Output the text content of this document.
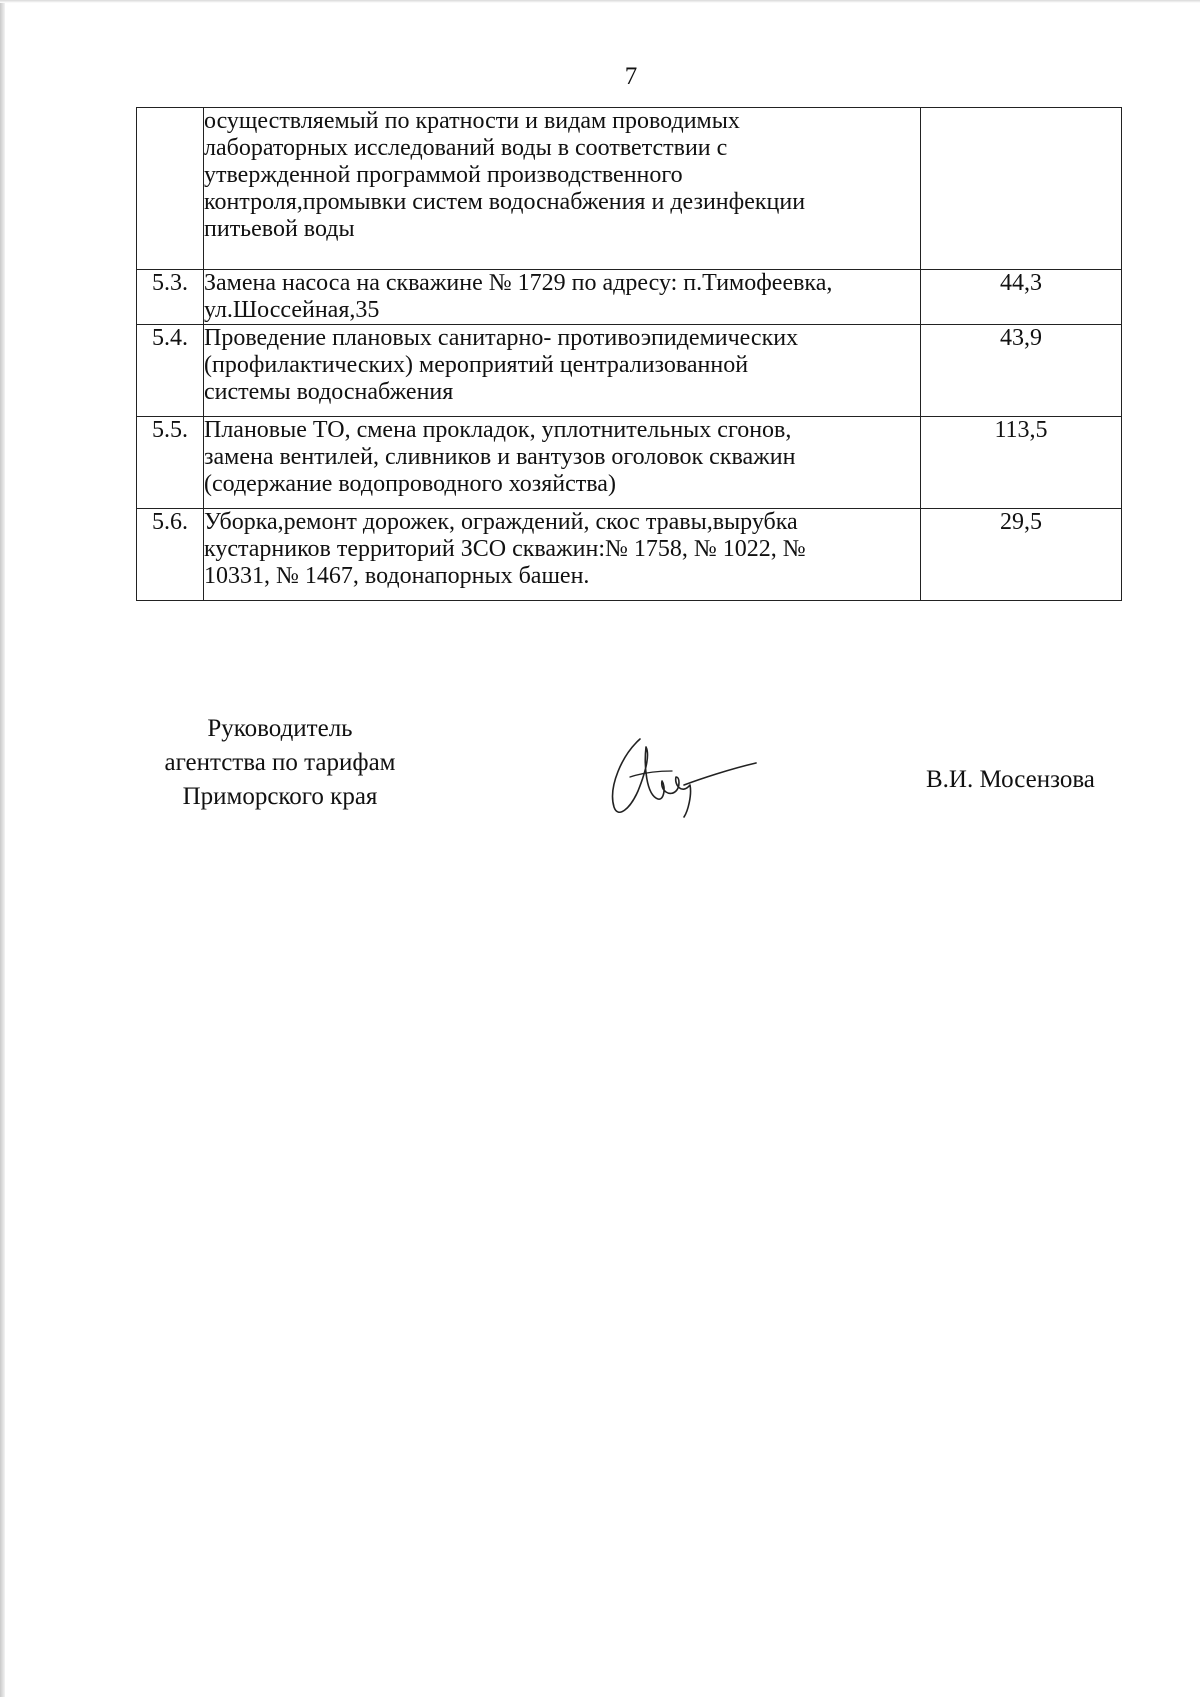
7

	осуществляемый по кратности и видам проводимых
лабораторных исследований воды в соответствии с
утвержденной программой производственного
контроля,промывки систем водоснабжения и дезинфекции
питьевой воды	

5.3.	Замена насоса на скважине № 1729 по адресу: п.Тимофеевка,
ул.Шоссейная,35	44,3
5.4.	Проведение плановых санитарно- противоэпидемических
(профилактических) мероприятий централизованной
системы водоснабжения	43,9
5.5.	Плановые ТО, смена прокладок, уплотнительных сгонов,
замена вентилей, сливников и вантузов оголовок скважин
(содержание водопроводного хозяйства)	113,5
5.6.	Уборка,ремонт дорожек, ограждений, скос травы,вырубка
кустарников территорий ЗСО скважин:№ 1758, № 1022, №
10331, № 1467, водонапорных башен.	29,5
Руководитель
агентства по тарифам
Приморского края
В.И. Мосензова
